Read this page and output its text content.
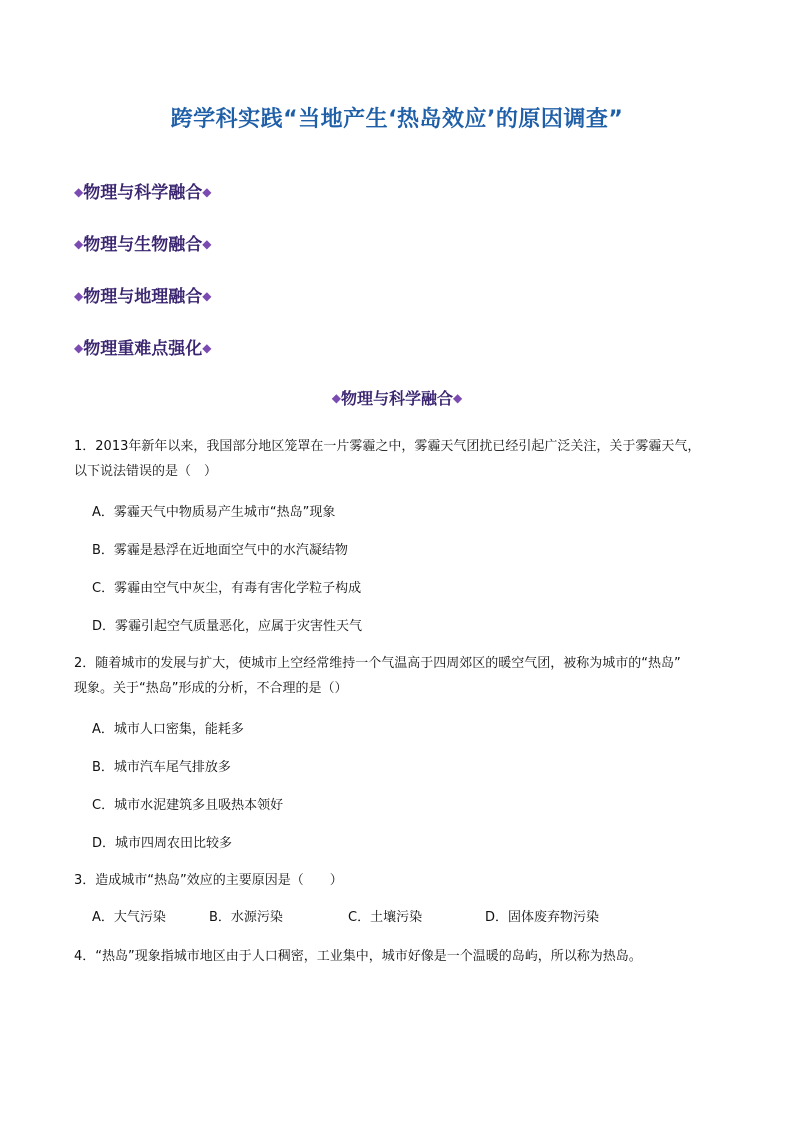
跨学科实践“当地产生‘热岛效应’的原因调查”
◆物理与科学融合◆
◆物理与生物融合◆
◆物理与地理融合◆
◆物理重难点强化◆
◆物理与科学融合◆
1．2013年新年以来，我国部分地区笼罩在一片雾霾之中，雾霾天气团扰已经引起广泛关注，关于雾霾天气，
以下说法错误的是（　）
A．雾霾天气中物质易产生城市“热岛”现象
B．雾霾是悬浮在近地面空气中的水汽凝结物
C．雾霾由空气中灰尘，有毒有害化学粒子构成
D．雾霾引起空气质量恶化，应属于灾害性天气
2．随着城市的发展与扩大，使城市上空经常维持一个气温高于四周郊区的暖空气团，被称为城市的“热岛”
现象。关于“热岛”形成的分析，不合理的是（）
A．城市人口密集，能耗多
B．城市汽车尾气排放多
C．城市水泥建筑多且吸热本领好
D．城市四周农田比较多
3．造成城市“热岛”效应的主要原因是（　　）
A．大气污染	B．水源污染	C．土壤污染	D．固体废弃物污染
4．“热岛”现象指城市地区由于人口稠密，工业集中，城市好像是一个温暖的岛屿，所以称为热岛。
